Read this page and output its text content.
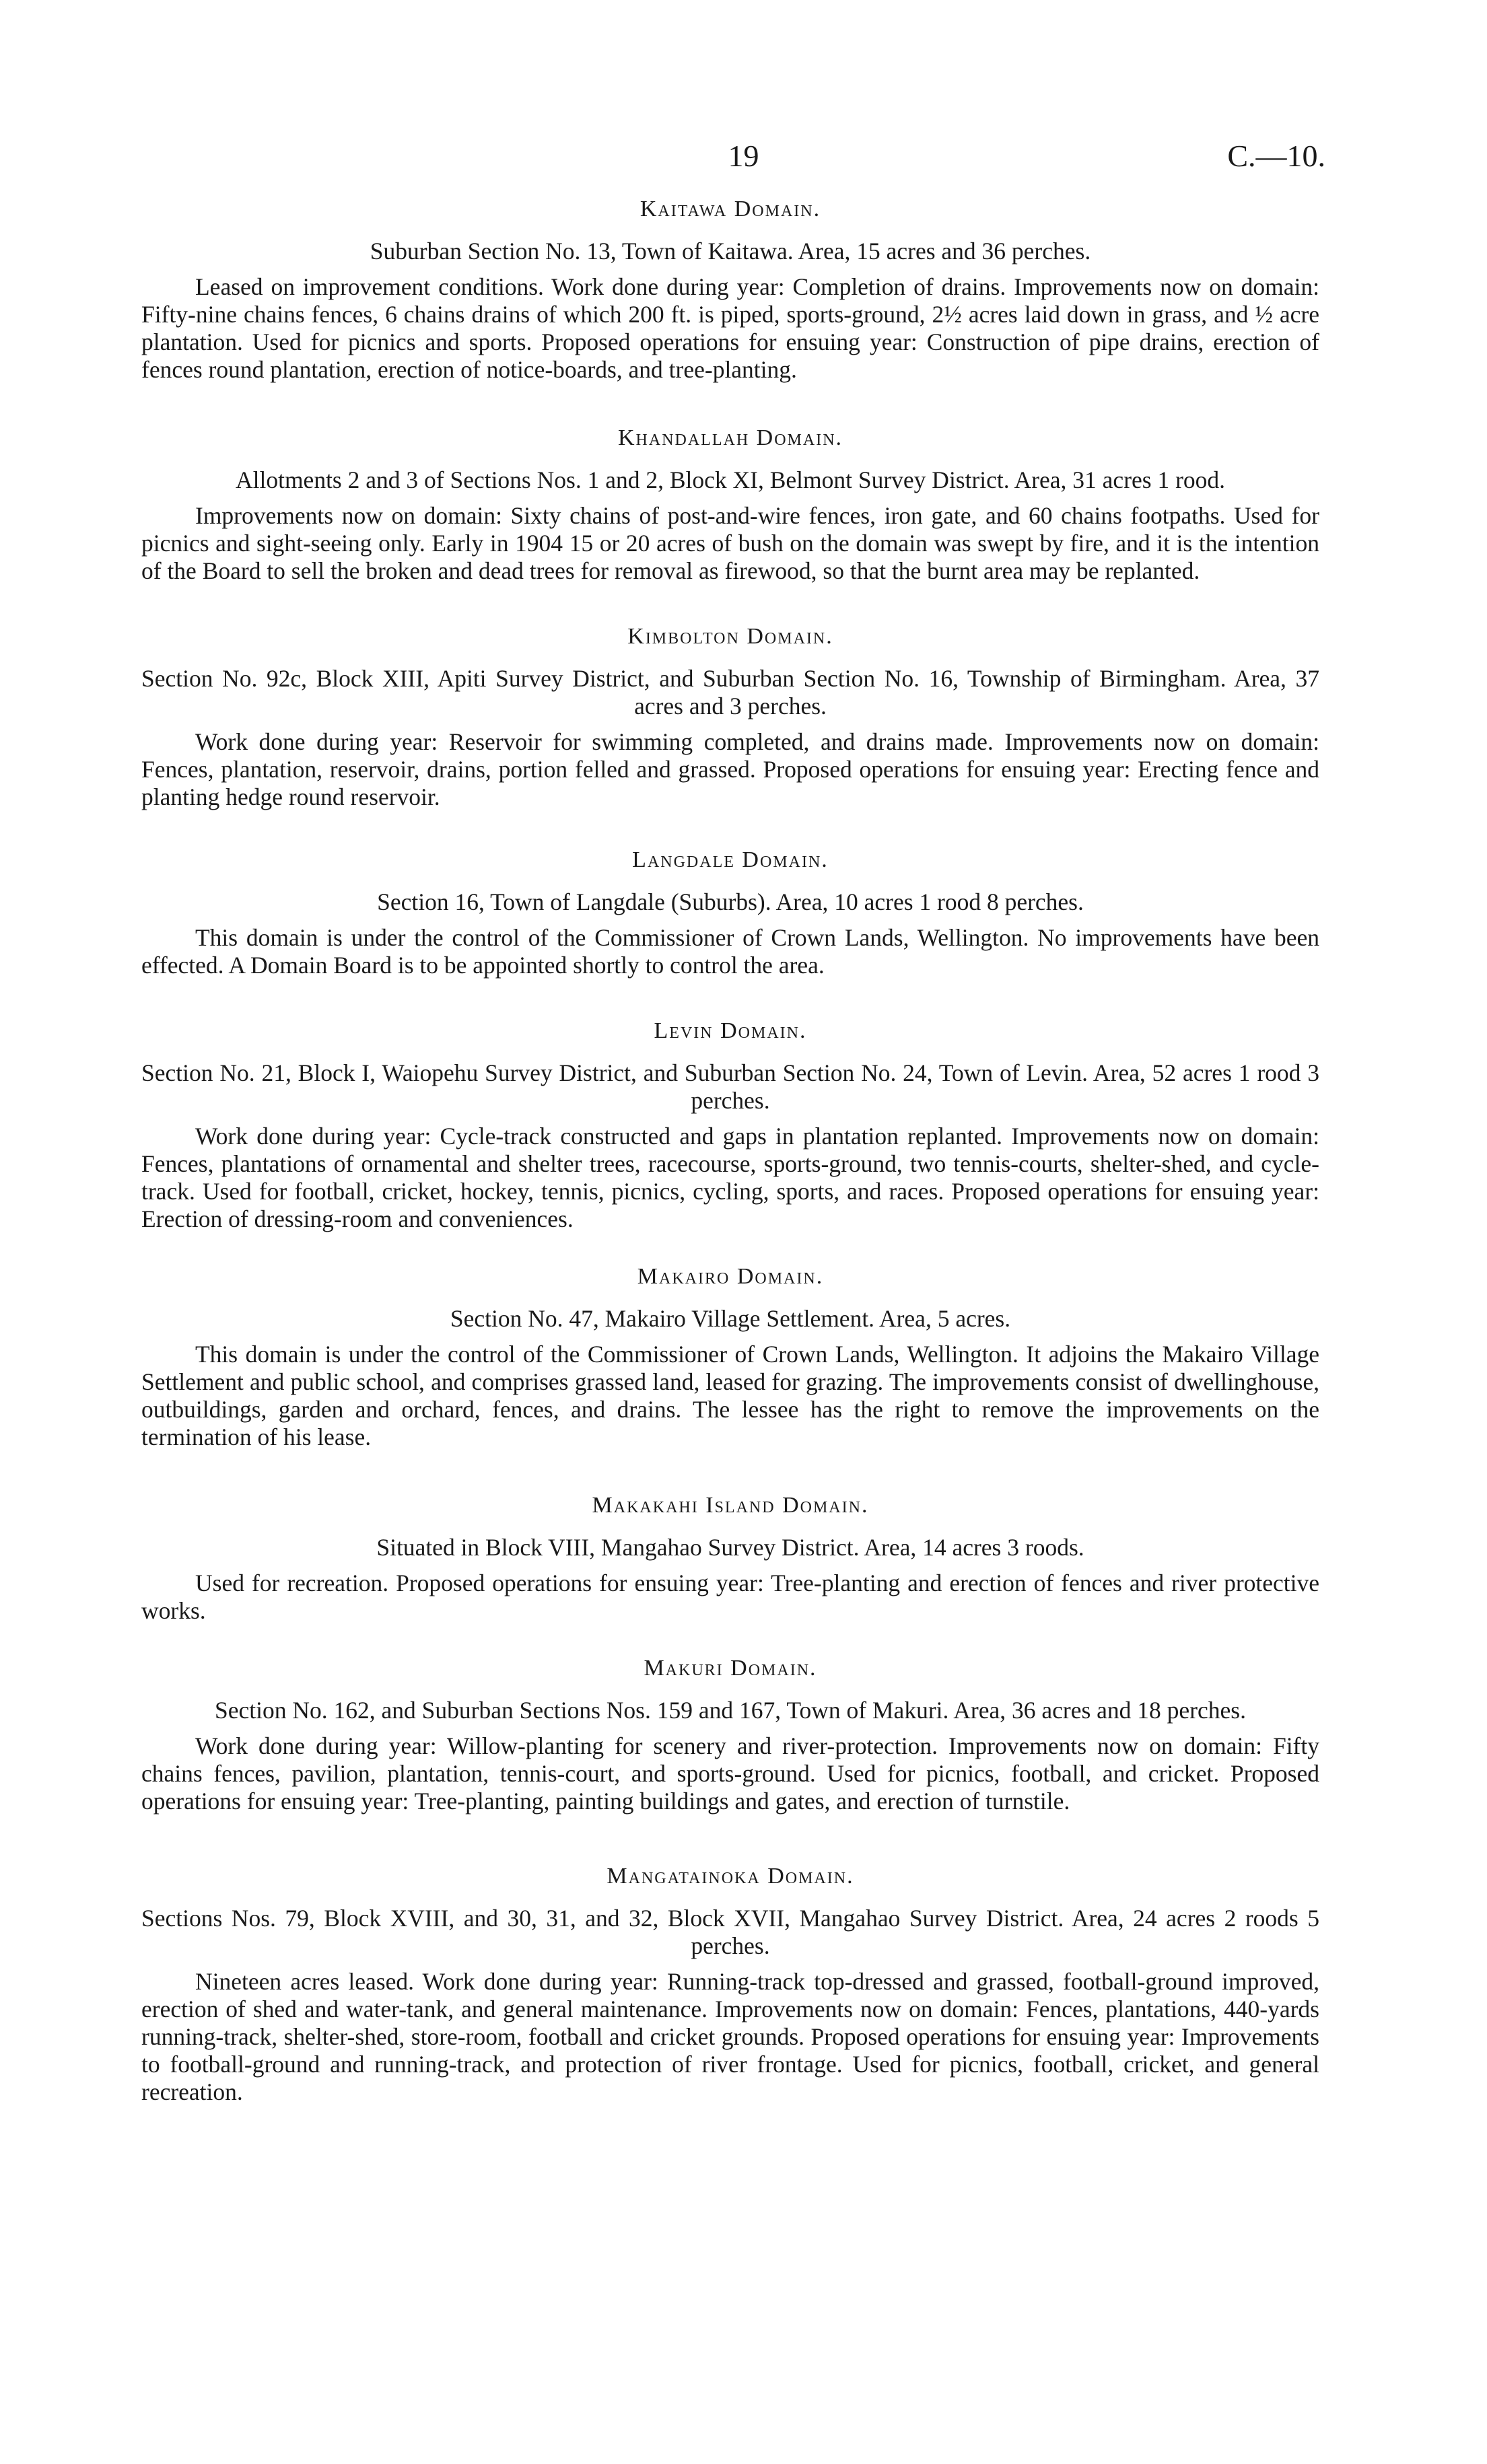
19	C.—10.
Kaitawa Domain.
Suburban Section No. 13, Town of Kaitawa. Area, 15 acres and 36 perches.

Leased on improvement conditions. Work done during year: Completion of drains. Improvements now on domain: Fifty-nine chains fences, 6 chains drains of which 200 ft. is piped, sports-ground, 2½ acres laid down in grass, and ½ acre plantation. Used for picnics and sports. Proposed operations for ensuing year: Construction of pipe drains, erection of fences round plantation, erection of notice-boards, and tree-planting.

Khandallah Domain.
Allotments 2 and 3 of Sections Nos. 1 and 2, Block XI, Belmont Survey District. Area, 31 acres 1 rood.

Improvements now on domain: Sixty chains of post-and-wire fences, iron gate, and 60 chains footpaths. Used for picnics and sight-seeing only. Early in 1904 15 or 20 acres of bush on the domain was swept by fire, and it is the intention of the Board to sell the broken and dead trees for removal as firewood, so that the burnt area may be replanted.

Kimbolton Domain.
Section No. 92c, Block XIII, Apiti Survey District, and Suburban Section No. 16, Township of Birmingham. Area, 37 acres and 3 perches.

Work done during year: Reservoir for swimming completed, and drains made. Improvements now on domain: Fences, plantation, reservoir, drains, portion felled and grassed. Proposed operations for ensuing year: Erecting fence and planting hedge round reservoir.

Langdale Domain.
Section 16, Town of Langdale (Suburbs). Area, 10 acres 1 rood 8 perches.

This domain is under the control of the Commissioner of Crown Lands, Wellington. No improvements have been effected. A Domain Board is to be appointed shortly to control the area.

Levin Domain.
Section No. 21, Block I, Waiopehu Survey District, and Suburban Section No. 24, Town of Levin. Area, 52 acres 1 rood 3 perches.

Work done during year: Cycle-track constructed and gaps in plantation replanted. Improvements now on domain: Fences, plantations of ornamental and shelter trees, racecourse, sports-ground, two tennis-courts, shelter-shed, and cycle-track. Used for football, cricket, hockey, tennis, picnics, cycling, sports, and races. Proposed operations for ensuing year: Erection of dressing-room and conveniences.

Makairo Domain.
Section No. 47, Makairo Village Settlement. Area, 5 acres.

This domain is under the control of the Commissioner of Crown Lands, Wellington. It adjoins the Makairo Village Settlement and public school, and comprises grassed land, leased for grazing. The improvements consist of dwellinghouse, outbuildings, garden and orchard, fences, and drains. The lessee has the right to remove the improvements on the termination of his lease.

Makakahi Island Domain.
Situated in Block VIII, Mangahao Survey District. Area, 14 acres 3 roods.

Used for recreation. Proposed operations for ensuing year: Tree-planting and erection of fences and river protective works.

Makuri Domain.
Section No. 162, and Suburban Sections Nos. 159 and 167, Town of Makuri. Area, 36 acres and 18 perches.

Work done during year: Willow-planting for scenery and river-protection. Improvements now on domain: Fifty chains fences, pavilion, plantation, tennis-court, and sports-ground. Used for picnics, football, and cricket. Proposed operations for ensuing year: Tree-planting, painting buildings and gates, and erection of turnstile.

Mangatainoka Domain.
Sections Nos. 79, Block XVIII, and 30, 31, and 32, Block XVII, Mangahao Survey District. Area, 24 acres 2 roods 5 perches.

Nineteen acres leased. Work done during year: Running-track top-dressed and grassed, football-ground improved, erection of shed and water-tank, and general maintenance. Improvements now on domain: Fences, plantations, 440-yards running-track, shelter-shed, store-room, football and cricket grounds. Proposed operations for ensuing year: Improvements to football-ground and running-track, and protection of river frontage. Used for picnics, football, cricket, and general recreation.
